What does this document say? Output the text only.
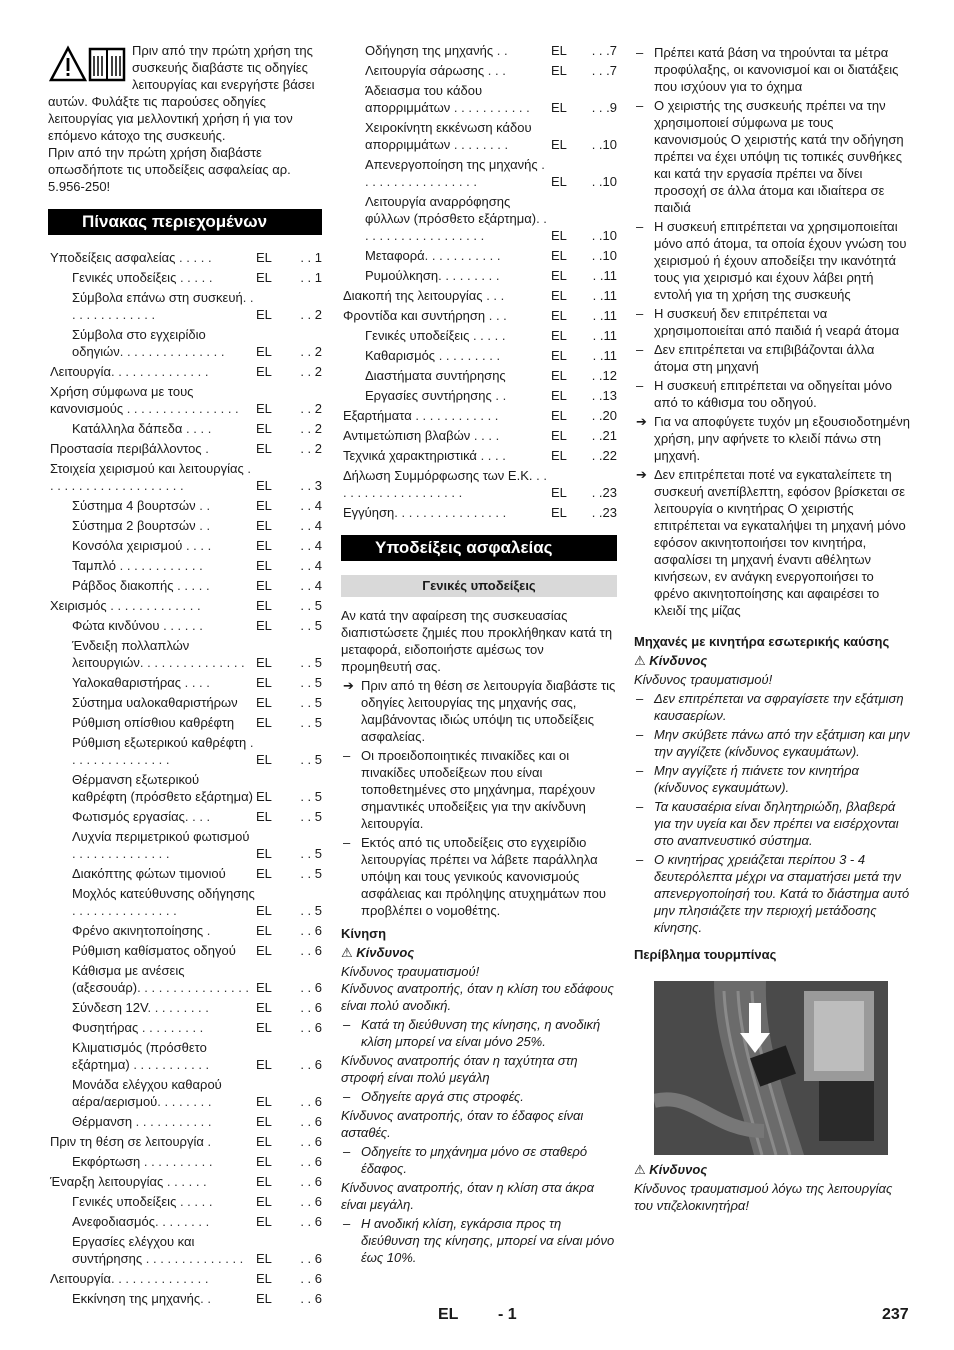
Πριν από την πρώτη χρήση της συσκευής διαβάστε τις οδηγίες λειτουργίας και ενεργήστε βάσει αυτών. Φυλάξτε τις παρούσες οδηγίες λειτουργίας για μελλοντική χρήση ή για τον επόμενο κάτοχο της συσκευής.

Πριν από την πρώτη χρήση διαβάστε οπωσδήποτε τις υποδείξεις ασφαλείας αρ. 5.956-250!

Πίνακας περιεχομένων
Υποδείξεις ασφαλείας . . . . .	EL	. . 1
Γενικές υποδείξεις . . . . .	EL	. . 1
Σύμβολα επάνω στη συσκευή. . . . . . . . . . . . . .	EL	. . 2
Σύμβολα στο εγχειρίδιο οδηγιών. . . . . . . . . . . . . . .	EL	. . 2
Λειτουργία. . . . . . . . . . . . . .	EL	. . 2
Χρήση σύμφωνα με τους κανονισμούς . . . . . . . . . . . . . . . .	EL	. . 2
Κατάλληλα δάπεδα . . . .	EL	. . 2
Προστασία περιβάλλοντος .	EL	. . 2
Στοιχεία χειρισμού και λειτουργίας . . . . . . . . . . . . . . . . . . . .	EL	. . 3
Σύστημα 4 βουρτσών . .	EL	. . 4
Σύστημα 2 βουρτσών . .	EL	. . 4
Κονσόλα χειρισμού . . . .	EL	. . 4
Ταμπλό . . . . . . . . . . . .	EL	. . 4
Ράβδος διακοπής . . . . .	EL	. . 4
Χειρισμός . . . . . . . . . . . . .	EL	. . 5
Φώτα κινδύνου . . . . . .	EL	. . 5
Ένδειξη πολλαπλών λειτουργιών. . . . . . . . . . . . . . . EL	. . 5
Υαλοκαθαριστήρας . . . .	EL	. . 5
Σύστημα υαλοκαθαριστήρων	EL	. . 5
Ρύθμιση οπίσθιου καθρέφτη	EL	. . 5
Ρύθμιση εξωτερικού καθρέφτη . . . . . . . . . . . . . . .	EL	. . 5
Θέρμανση εξωτερικού καθρέφτη (πρόσθετο εξάρτημα) EL	. . 5
Φωτισμός εργασίας. . . .	EL	. . 5
Λυχνία περιμετρικού φωτισμού . . . . . . . . . . . . . .	EL	. . 5
Διακόπτης φώτων τιμονιού	EL	. . 5
Μοχλός κατεύθυνσης οδήγησης . . . . . . . . . . . . . . .	EL	. . 5
Φρένο ακινητοποίησης .	EL	. . 6
Ρύθμιση καθίσματος οδηγού	EL	. . 6
Κάθισμα με ανέσεις (αξεσουάρ). . . . . . . . . . . . . . . . EL	. . 6
Σύνδεση 12V. . . . . . . . .	EL	. . 6
Φυσητήρας . . . . . . . . .	EL	. . 6
Κλιματισμός (πρόσθετο εξάρτημα) . . . . . . . . . . .	EL	. . 6
Μονάδα ελέγχου καθαρού αέρα/αερισμού. . . . . . . .	EL	. . 6
Θέρμανση . . . . . . . . . . .	EL	. . 6
Πριν τη θέση σε λειτουργία .	EL	. . 6
Εκφόρτωση . . . . . . . . . .	EL	. . 6
Έναρξη λειτουργίας . . . . . .	EL	. . 6
Γενικές υποδείξεις . . . . .	EL	. . 6
Ανεφοδιασμός. . . . . . . .	EL	. . 6
Εργασίες ελέγχου και συντήρησης . . . . . . . . . . . . . . EL	. . 6
Λειτουργία. . . . . . . . . . . . . .	EL	. . 6
Εκκίνηση της μηχανής. .	EL	. . 6
Οδήγηση της μηχανής . .	EL	. . .7
Λειτουργία σάρωσης . . .	EL	. . .7
Άδειασμα του κάδου απορριμμάτων . . . . . . . . . . .	EL	. . .9
Χειροκίνητη εκκένωση κάδου απορριμμάτων . . . . . . . .	EL	. .10
Απενεργοποίηση της μηχανής . . . . . . . . . . . . . . . . .	EL	. .10
Λειτουργία αναρρόφησης φύλλων (πρόσθετο εξάρτημα). . . . . . . . . . . . . . . . . . .	EL	. .10
Μεταφορά. . . . . . . . . . .	EL	. .10
Ρυμούλκηση. . . . . . . . .	EL	. .11
Διακοπή της λειτουργίας . . .	EL	. .11
Φροντίδα και συντήρηση . . .	EL	. .11
Γενικές υποδείξεις . . . . .	EL	. .11
Καθαρισμός . . . . . . . . .	EL	. .11
Διαστήματα συντήρησης	EL	. .12
Εργασίες συντήρησης . .	EL	. .13
Εξαρτήματα . . . . . . . . . . . .	EL	. .20
Αντιμετώπιση βλαβών . . . .	EL	. .21
Τεχνικά χαρακτηριστικά . . . .	EL	. .22
Δήλωση Συμμόρφωσης των Ε.Κ. . . . . . . . . . . . . . . . . . . .	EL	. .23
Εγγύηση. . . . . . . . . . . . . . . .	EL	. .23
Υποδείξεις ασφαλείας
Γενικές υποδείξεις

Αν κατά την αφαίρεση της συσκευασίας διαπιστώσετε ζημιές που προκλήθηκαν κατά τη μεταφορά, ειδοποιήστε αμέσως τον προμηθευτή σας.

➔ Πριν από τη θέση σε λειτουργία διαβάστε τις οδηγίες λειτουργίας της μηχανής σας, λαμβάνοντας ιδιώς υπόψη τις υποδείξεις ασφαλείας.
– Οι προειδοποιητικές πινακίδες και οι πινακίδες υποδείξεων που είναι τοποθετημένες στο μηχάνημα, παρέχουν σημαντικές υποδείξεις για την ακίνδυνη λειτουργία.
– Εκτός από τις υποδείξεις στο εγχειρίδιο λειτουργίας πρέπει να λάβετε παράλληλα υπόψη και τους γενικούς κανονισμούς ασφάλειας και πρόληψης ατυχημάτων που προβλέπει ο νομοθέτης.
Κίνηση
⚠ Κίνδυνος
Κίνδυνος τραυματισμού!
Κίνδυνος ανατροπής, όταν η κλίση του εδάφους είναι πολύ ανοδική.
– Κατά τη διεύθυνση της κίνησης, η ανοδική κλίση μπορεί να είναι μόνο 25%.
Κίνδυνος ανατροπής όταν η ταχύτητα στη στροφή είναι πολύ μεγάλη
– Οδηγείτε αργά στις στροφές.
Κίνδυνος ανατροπής, όταν το έδαφος είναι ασταθές.
– Οδηγείτε το μηχάνημα μόνο σε σταθερό έδαφος.
Κίνδυνος ανατροπής, όταν η κλίση στα άκρα είναι μεγάλη.
– Η ανοδική κλίση, εγκάρσια προς τη διεύθυνση της κίνησης, μπορεί να είναι μόνο έως 10%.
– Πρέπει κατά βάση να τηρούνται τα μέτρα προφύλαξης, οι κανονισμοί και οι διατάξεις που ισχύουν για το όχημα
– Ο χειριστής της συσκευής πρέπει να την χρησιμοποιεί σύμφωνα με τους κανονισμούς Ο χειριστής κατά την οδήγηση πρέπει να έχει υπόψη τις τοπικές συνθήκες και κατά την εργασία πρέπει να δίνει προσοχή σε άλλα άτομα και ιδιαίτερα σε παιδιά
– Η συσκευή επιτρέπεται να χρησιμοποιείται μόνο από άτομα, τα οποία έχουν γνώση του χειρισμού ή έχουν αποδείξει την ικανότητά τους για χειρισμό και έχουν λάβει ρητή εντολή για τη χρήση της συσκευής
– Η συσκευή δεν επιτρέπεται να χρησιμοποιείται από παιδιά ή νεαρά άτομα
– Δεν επιτρέπεται να επιβιβάζονται άλλα άτομα στη μηχανή
– Η συσκευή επιτρέπεται να οδηγείται μόνο από το κάθισμα του οδηγού.
➔ Για να αποφύγετε τυχόν μη εξουσιοδοτημένη χρήση, μην αφήνετε το κλειδί πάνω στη μηχανή.
➔ Δεν επιτρέπεται ποτέ να εγκαταλείπετε τη συσκευή ανεπίβλεπτη, εφόσον βρίσκεται σε λειτουργία ο κινητήρας Ο χειριστής επιτρέπεται να εγκαταλήψει τη μηχανή μόνο εφόσον ακινητοποιήσει τον κινητήρα, ασφαλίσει τη μηχανή έναντι αθέλητων κινήσεων, εν ανάγκη ενεργοποιήσει το φρένο ακινητοποίησης και αφαιρέσει το κλειδί της μίζας
Μηχανές με κινητήρα εσωτερικής καύσης
⚠ Κίνδυνος
Κίνδυνος τραυματισμού!
– Δεν επιτρέπεται να σφραγίσετε την εξάτμιση καυσαερίων.
– Μην σκύβετε πάνω από την εξάτμιση και μην την αγγίζετε (κίνδυνος εγκαυμάτων).
– Μην αγγίζετε ή πιάνετε τον κινητήρα (κίνδυνος εγκαυμάτων).
– Τα καυσαέρια είναι δηλητηριώδη, βλαβερά για την υγεία και δεν πρέπει να εισέρχονται στο αναπνευστικό σύστημα.
– Ο κινητήρας χρειάζεται περίπου 3 - 4 δευτερόλεπτα μέχρι να σταματήσει μετά την απενεργοποίησή του. Κατά το διάστημα αυτό μην πλησιάζετε την περιοχή μετάδοσης κίνησης.
Περίβλημα τουρμπίνας
⚠ Κίνδυνος
Κίνδυνος τραυματισμού λόγω της λειτουργίας του ντιζελοκινητήρα!
EL - 1	237
